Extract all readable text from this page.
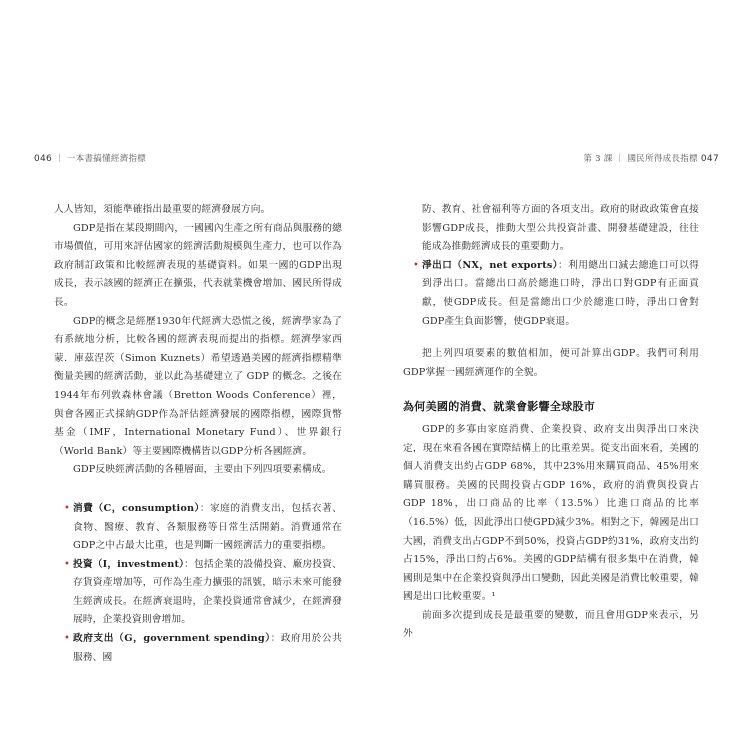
046 ｜ 一本書搞懂經濟指標

人人皆知，須能準確指出最重要的經濟發展方向。

GDP是指在某段期間內，一國國內生產之所有商品與服務的總市場價值，可用來評估國家的經濟活動規模與生產力，也可以作為政府制訂政策和比較經濟表現的基礎資料。如果一國的GDP出現成長，表示該國的經濟正在擴張，代表就業機會增加、國民所得成長。

GDP的概念是經歷1930年代經濟大恐慌之後，經濟學家為了有系統地分析，比較各國的經濟表現而提出的指標。經濟學家西蒙．庫茲涅茨（Simon Kuznets）希望透過美國的經濟指標精準衡量美國的經濟活動，並以此為基礎建立了 GDP 的概念。之後在1944年布列敦森林會議（Bretton Woods Conference）裡，與會各國正式採納GDP作為評估經濟發展的國際指標，國際貨幣基金（IMF，International Monetary Fund）、世界銀行（World Bank）等主要國際機構皆以GDP分析各國經濟。

GDP反映經濟活動的各種層面，主要由下列四項要素構成。

• 消費（C，consumption）：家庭的消費支出，包括衣著、食物、醫療、教育、各類服務等日常生活開銷。消費通常在GDP之中占最大比重，也是判斷一國經濟活力的重要指標。
• 投資（I，investment）：包括企業的設備投資、廠房投資、存貨資產增加等，可作為生產力擴張的訊號，暗示未來可能發生經濟成長。在經濟衰退時，企業投資通常會減少，在經濟發展時，企業投資則會增加。
• 政府支出（G，government spending）：政府用於公共服務、國
第 3 課 ｜ 國民所得成長指標 047

防、教育、社會福利等方面的各項支出。政府的財政政策會直接影響GDP成長，推動大型公共投資計畫、開發基礎建設，往往能成為推動經濟成長的重要動力。

• 淨出口（NX，net exports）：利用總出口減去總進口可以得到淨出口。當總出口高於總進口時，淨出口對GDP有正面貢獻，使GDP成長。但是當總出口少於總進口時，淨出口會對GDP產生負面影響，使GDP衰退。

把上列四項要素的數值相加，便可計算出GDP。我們可利用GDP掌握一國經濟運作的全貌。

為何美國的消費、就業會影響全球股市

GDP的多寡由家庭消費、企業投資、政府支出與淨出口來決定，現在來看各國在實際結構上的比重差異。從支出面來看，美國的個人消費支出約占GDP 68%，其中23%用來購買商品、45%用來購買服務。美國的民間投資占GDP 16%，政府的消費與投資占GDP 18%，出口商品的比率（13.5%）比進口商品的比率（16.5%）低，因此淨出口使GPD減少3%。相對之下，韓國是出口大國，消費支出占GDP不到50%，投資占GDP約31%，政府支出約占15%，淨出口約占6%。美國的GDP結構有很多集中在消費，韓國則是集中在企業投資與淨出口變動，因此美國是消費比較重要，韓國是出口比較重要。¹

前面多次提到成長是最重要的變數，而且會用GDP來表示，另外
